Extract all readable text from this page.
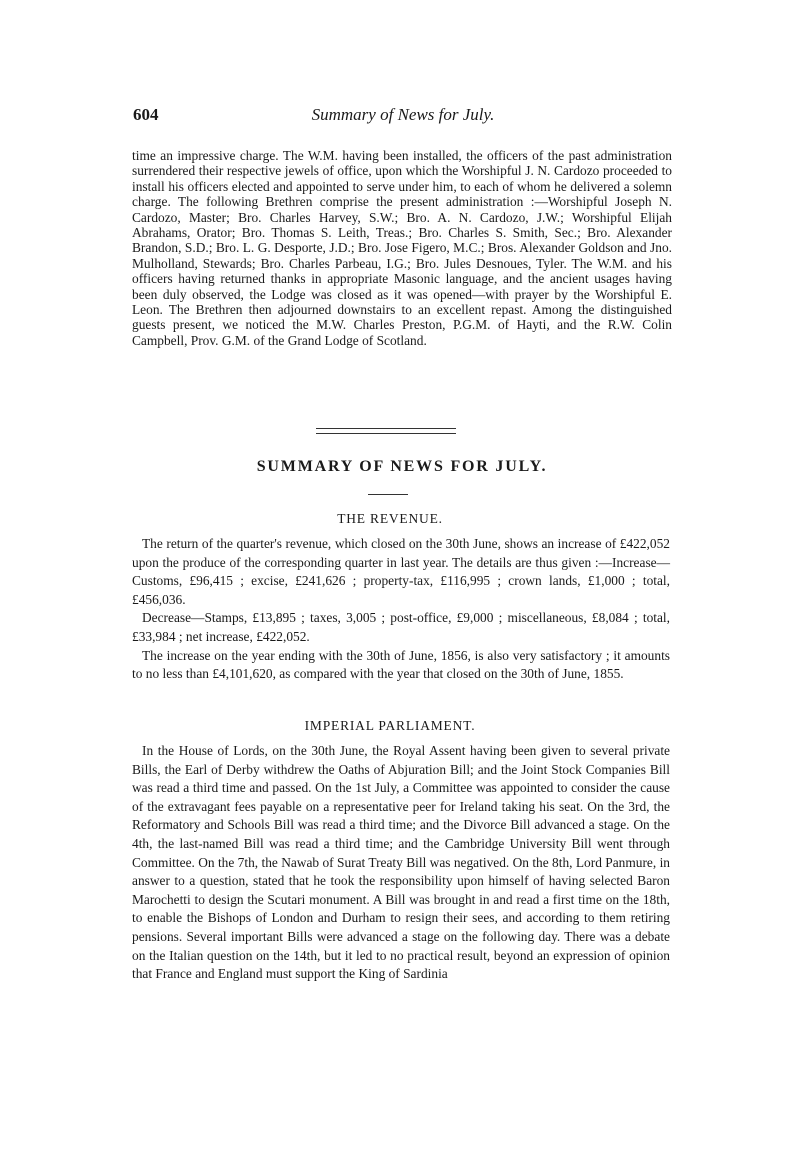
604	Summary of News for July.

time an impressive charge. The W.M. having been installed, the officers of the past administration surrendered their respective jewels of office, upon which the Worshipful J. N. Cardozo proceeded to install his officers elected and appointed to serve under him, to each of whom he delivered a solemn charge. The following Brethren comprise the present administration :—Worshipful Joseph N. Cardozo, Master; Bro. Charles Harvey, S.W.; Bro. A. N. Cardozo, J.W.; Worshipful Elijah Abrahams, Orator; Bro. Thomas S. Leith, Treas.; Bro. Charles S. Smith, Sec.; Bro. Alexander Brandon, S.D.; Bro. L. G. Desporte, J.D.; Bro. Jose Figero, M.C.; Bros. Alexander Goldson and Jno. Mulholland, Stewards; Bro. Charles Parbeau, I.G.; Bro. Jules Desnoues, Tyler. The W.M. and his officers having returned thanks in appropriate Masonic language, and the ancient usages having been duly observed, the Lodge was closed as it was opened—with prayer by the Worshipful E. Leon. The Brethren then adjourned downstairs to an excellent repast. Among the distinguished guests present, we noticed the M.W. Charles Preston, P.G.M. of Hayti, and the R.W. Colin Campbell, Prov. G.M. of the Grand Lodge of Scotland.

SUMMARY OF NEWS FOR JULY.
THE REVENUE.

The return of the quarter's revenue, which closed on the 30th June, shows an increase of £422,052 upon the produce of the corresponding quarter in last year. The details are thus given :—Increase—Customs, £96,415 ; excise, £241,626 ; property-tax, £116,995 ; crown lands, £1,000 ; total, £456,036.

Decrease—Stamps, £13,895 ; taxes, 3,005 ; post-office, £9,000 ; miscellaneous, £8,084 ; total, £33,984 ; net increase, £422,052.

The increase on the year ending with the 30th of June, 1856, is also very satisfactory ; it amounts to no less than £4,101,620, as compared with the year that closed on the 30th of June, 1855.

IMPERIAL PARLIAMENT.

In the House of Lords, on the 30th June, the Royal Assent having been given to several private Bills, the Earl of Derby withdrew the Oaths of Abjuration Bill; and the Joint Stock Companies Bill was read a third time and passed. On the 1st July, a Committee was appointed to consider the cause of the extravagant fees payable on a representative peer for Ireland taking his seat. On the 3rd, the Reformatory and Schools Bill was read a third time; and the Divorce Bill advanced a stage. On the 4th, the last-named Bill was read a third time; and the Cambridge University Bill went through Committee. On the 7th, the Nawab of Surat Treaty Bill was negatived. On the 8th, Lord Panmure, in answer to a question, stated that he took the responsibility upon himself of having selected Baron Marochetti to design the Scutari monument. A Bill was brought in and read a first time on the 18th, to enable the Bishops of London and Durham to resign their sees, and according to them retiring pensions. Several important Bills were advanced a stage on the following day. There was a debate on the Italian question on the 14th, but it led to no practical result, beyond an expression of opinion that France and England must support the King of Sardinia
